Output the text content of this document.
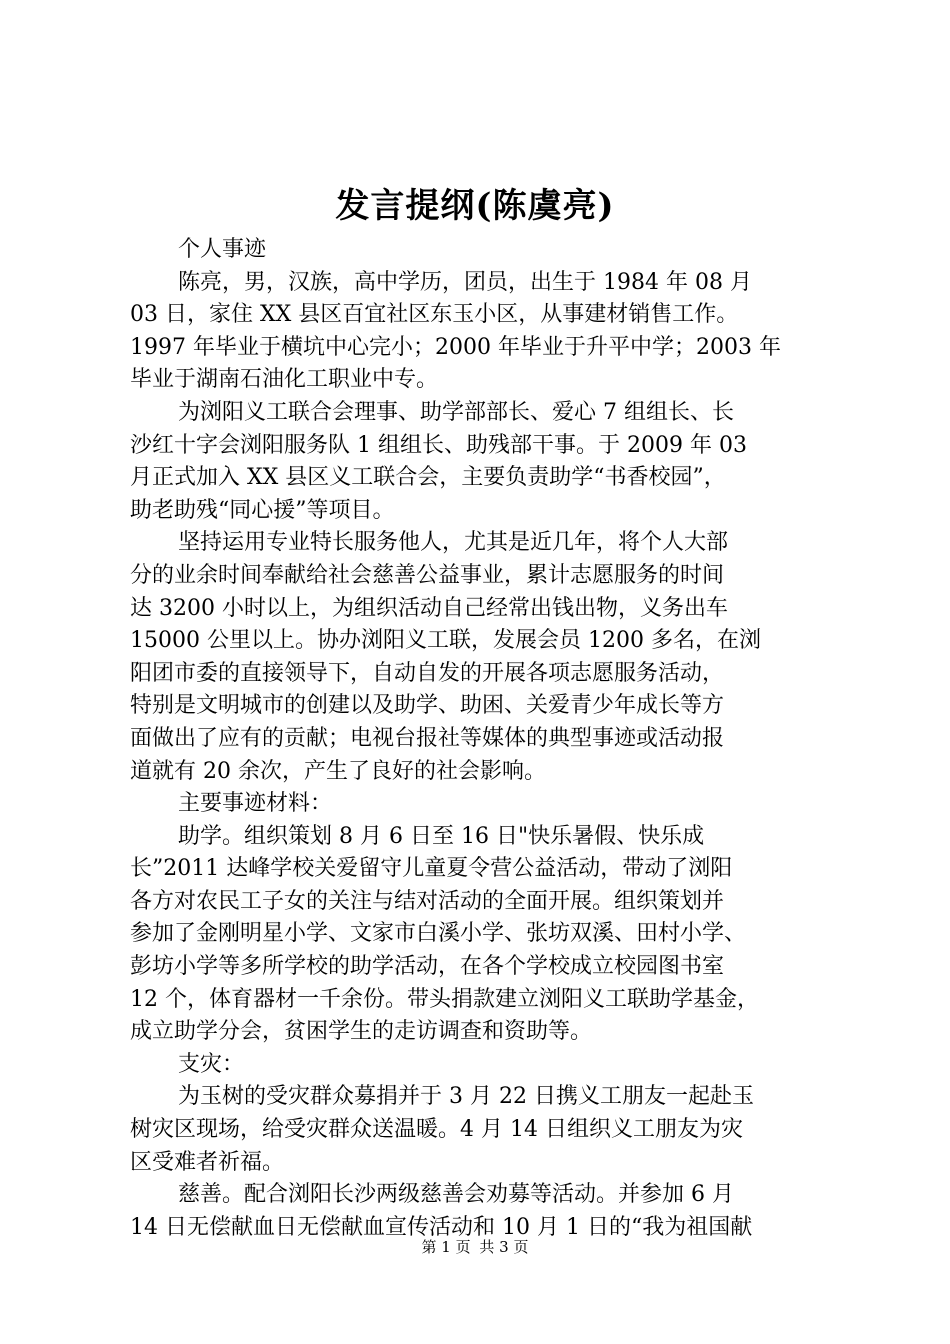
发言提纲(陈虞亮)
个人事迹
陈亮，男，汉族，高中学历，团员，出生于 1984 年 08 月
03 日，家住 XX 县区百宜社区东玉小区，从事建材销售工作。
1997 年毕业于横坑中心完小；2000 年毕业于升平中学；2003 年
毕业于湖南石油化工职业中专。
为浏阳义工联合会理事、助学部部长、爱心 7 组组长、长
沙红十字会浏阳服务队 1 组组长、助残部干事。于 2009 年 03
月正式加入 XX 县区义工联合会，主要负责助学“书香校园”，
助老助残“同心援”等项目。
坚持运用专业特长服务他人，尤其是近几年，将个人大部
分的业余时间奉献给社会慈善公益事业，累计志愿服务的时间
达 3200 小时以上，为组织活动自己经常出钱出物，义务出车
15000 公里以上。协办浏阳义工联，发展会员 1200 多名，在浏
阳团市委的直接领导下，自动自发的开展各项志愿服务活动，
特别是文明城市的创建以及助学、助困、关爱青少年成长等方
面做出了应有的贡献；电视台报社等媒体的典型事迹或活动报
道就有 20 余次，产生了良好的社会影响。
主要事迹材料：
助学。组织策划 8 月 6 日至 16 日"快乐暑假、快乐成
长”2011 达峰学校关爱留守儿童夏令营公益活动，带动了浏阳
各方对农民工子女的关注与结对活动的全面开展。组织策划并
参加了金刚明星小学、文家市白溪小学、张坊双溪、田村小学、
彭坊小学等多所学校的助学活动，在各个学校成立校园图书室
12 个，体育器材一千余份。带头捐款建立浏阳义工联助学基金，
成立助学分会，贫困学生的走访调查和资助等。
支灾：
为玉树的受灾群众募捐并于 3 月 22 日携义工朋友一起赴玉
树灾区现场，给受灾群众送温暖。4 月 14 日组织义工朋友为灾
区受难者祈福。
慈善。配合浏阳长沙两级慈善会劝募等活动。并参加 6 月
14 日无偿献血日无偿献血宣传活动和 10 月 1 日的“我为祖国献
第 1 页 共 3 页
